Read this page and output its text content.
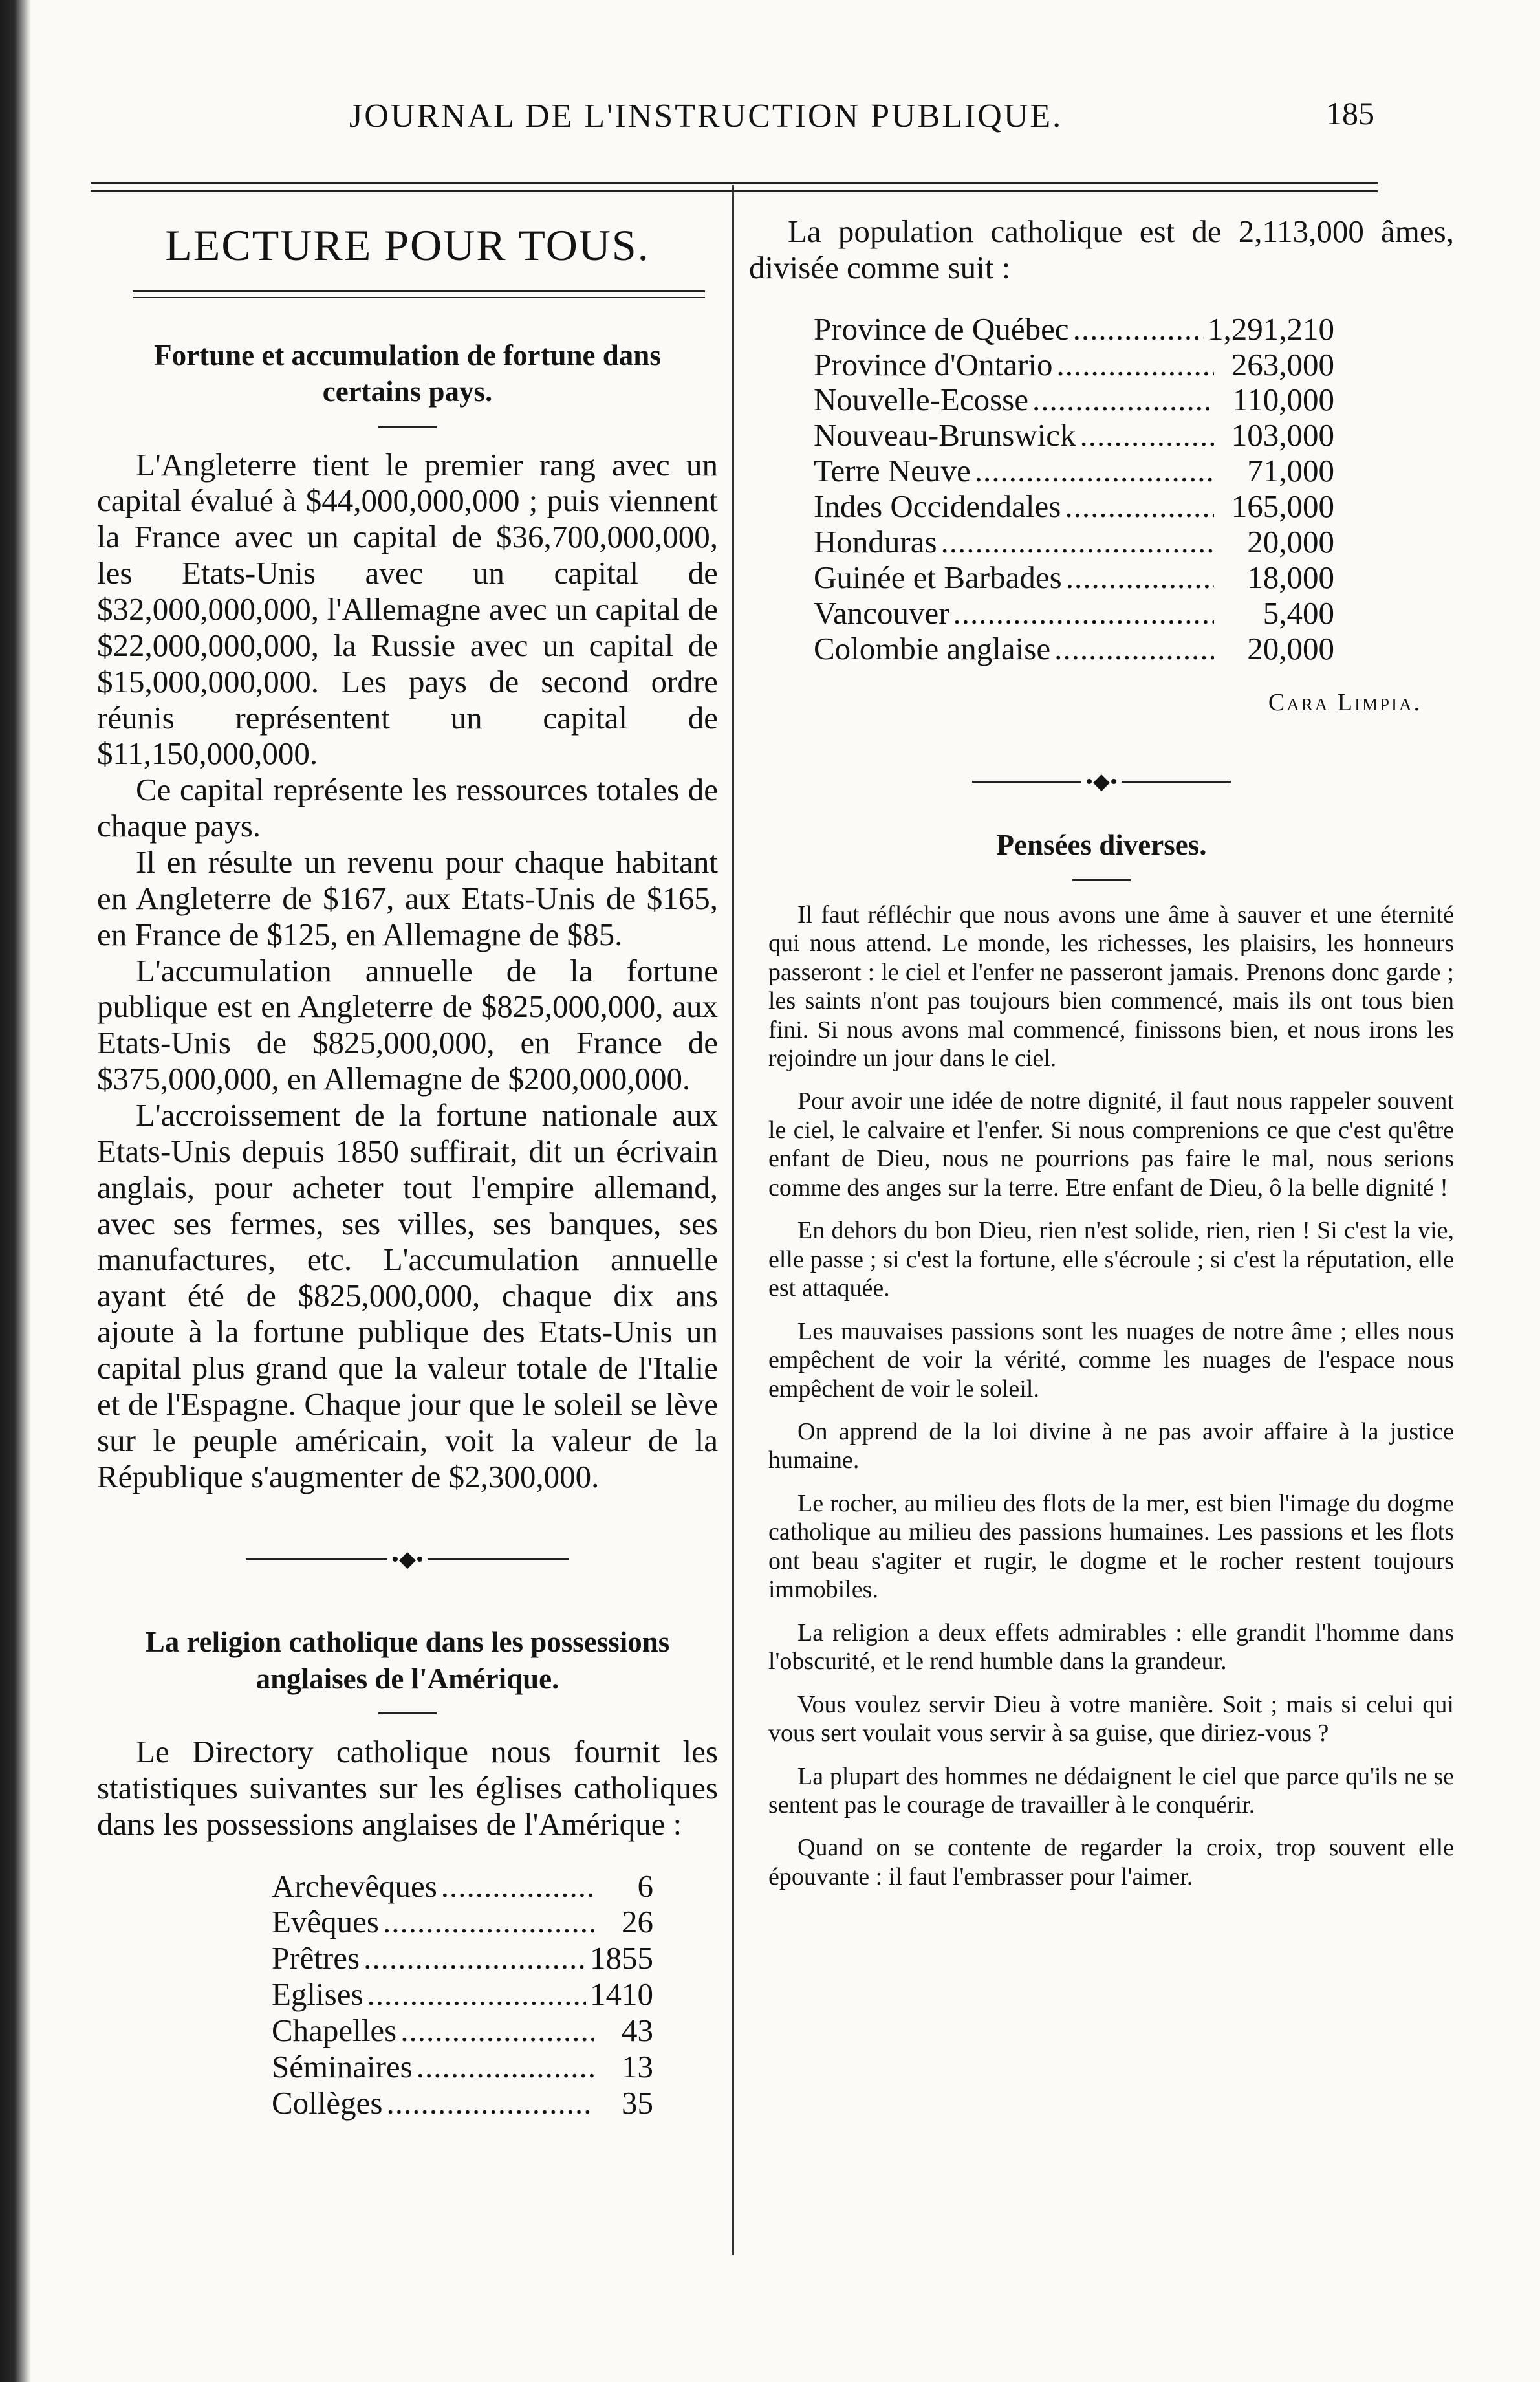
JOURNAL DE L'INSTRUCTION PUBLIQUE.	185
LECTURE POUR TOUS.
Fortune et accumulation de fortune dans certains pays.

L'Angleterre tient le premier rang avec un capital évalué à $44,000,000,000 ; puis viennent la France avec un capital de $36,700,000,000, les Etats-Unis avec un capital de $32,000,000,000, l'Allemagne avec un capital de $22,000,000,000, la Russie avec un capital de $15,000,000,000. Les pays de second ordre réunis représentent un capital de $11,150,000,000.

Ce capital représente les ressources totales de chaque pays.

Il en résulte un revenu pour chaque habitant en Angleterre de $167, aux Etats-Unis de $165, en France de $125, en Allemagne de $85.

L'accumulation annuelle de la fortune publique est en Angleterre de $825,000,000, aux Etats-Unis de $825,000,000, en France de $375,000,000, en Allemagne de $200,000,000.

L'accroissement de la fortune nationale aux Etats-Unis depuis 1850 suffirait, dit un écrivain anglais, pour acheter tout l'empire allemand, avec ses fermes, ses villes, ses banques, ses manufactures, etc. L'accumulation annuelle ayant été de $825,000,000, chaque dix ans ajoute à la fortune publique des Etats-Unis un capital plus grand que la valeur totale de l'Italie et de l'Espagne. Chaque jour que le soleil se lève sur le peuple américain, voit la valeur de la République s'augmenter de $2,300,000.

•◆•
La religion catholique dans les possessions anglaises de l'Amérique.

Le Directory catholique nous fournit les statistiques suivantes sur les églises catholiques dans les possessions anglaises de l'Amérique :

Archevêques .....	6
Evêques .....	26
Prêtres .....	1855
Eglises .....	1410
Chapelles .....	43
Séminaires .....	13
Collèges .....	35

La population catholique est de 2,113,000 âmes, divisée comme suit :

Province de Québec .....	1,291,210
Province d'Ontario .....	263,000
Nouvelle-Ecosse .....	110,000
Nouveau-Brunswick .....	103,000
Terre Neuve .....	71,000
Indes Occidendales .....	165,000
Honduras .....	20,000
Guinée et Barbades .....	18,000
Vancouver .....	5,400
Colombie anglaise .....	20,000
Cara Limpia.
•◆•
Pensées diverses.

Il faut réfléchir que nous avons une âme à sauver et une éternité qui nous attend. Le monde, les richesses, les plaisirs, les honneurs passeront : le ciel et l'enfer ne passeront jamais. Prenons donc garde ; les saints n'ont pas toujours bien commencé, mais ils ont tous bien fini. Si nous avons mal commencé, finissons bien, et nous irons les rejoindre un jour dans le ciel.

Pour avoir une idée de notre dignité, il faut nous rappeler souvent le ciel, le calvaire et l'enfer. Si nous comprenions ce que c'est qu'être enfant de Dieu, nous ne pourrions pas faire le mal, nous serions comme des anges sur la terre. Etre enfant de Dieu, ô la belle dignité !

En dehors du bon Dieu, rien n'est solide, rien, rien ! Si c'est la vie, elle passe ; si c'est la fortune, elle s'écroule ; si c'est la réputation, elle est attaquée.

Les mauvaises passions sont les nuages de notre âme ; elles nous empêchent de voir la vérité, comme les nuages de l'espace nous empêchent de voir le soleil.

On apprend de la loi divine à ne pas avoir affaire à la justice humaine.

Le rocher, au milieu des flots de la mer, est bien l'image du dogme catholique au milieu des passions humaines. Les passions et les flots ont beau s'agiter et rugir, le dogme et le rocher restent toujours immobiles.

La religion a deux effets admirables : elle grandit l'homme dans l'obscurité, et le rend humble dans la grandeur.

Vous voulez servir Dieu à votre manière. Soit ; mais si celui qui vous sert voulait vous servir à sa guise, que diriez-vous ?

La plupart des hommes ne dédaignent le ciel que parce qu'ils ne se sentent pas le courage de travailler à le conquérir.

Quand on se contente de regarder la croix, trop souvent elle épouvante : il faut l'embrasser pour l'aimer.
